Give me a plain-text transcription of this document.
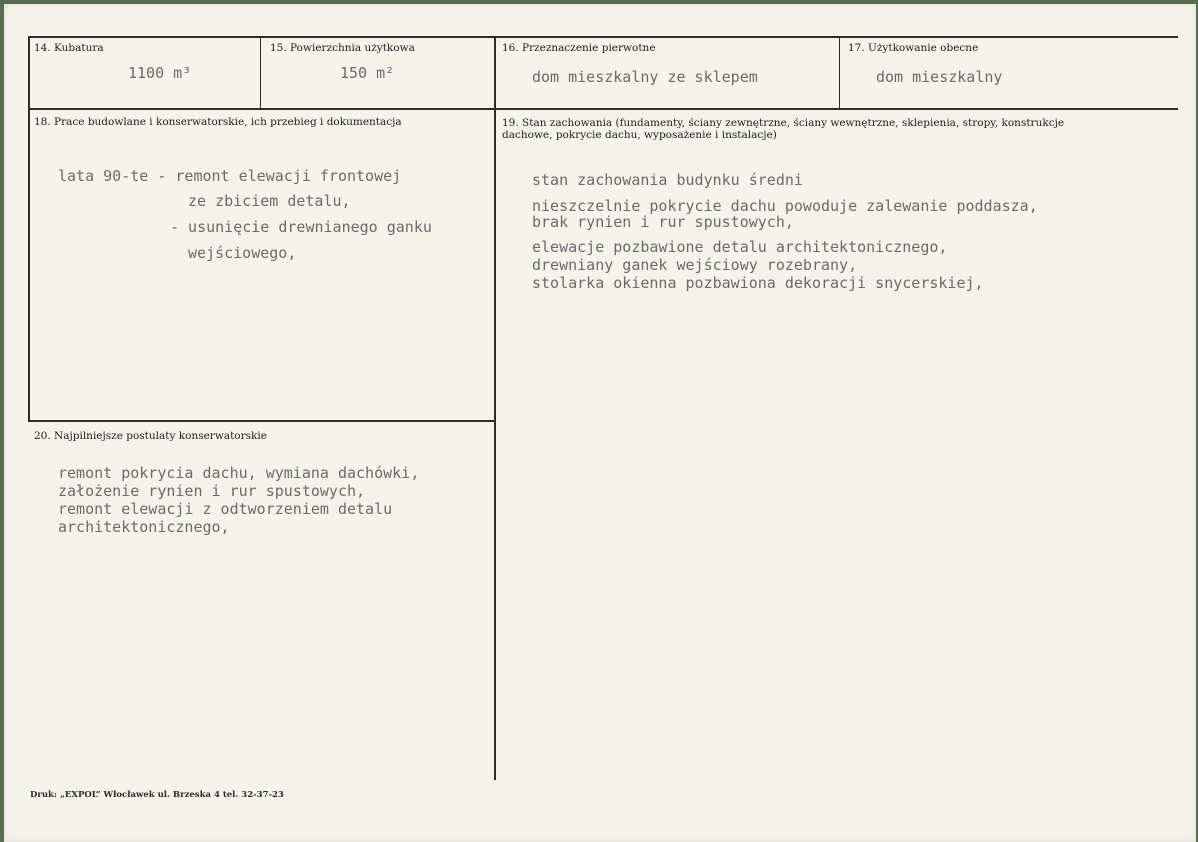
14. Kubatura
1100 m³
15. Powierzchnia użytkowa
150 m²
16. Przeznaczenie pierwotne
dom mieszkalny ze sklepem
17. Użytkowanie obecne
dom mieszkalny
18. Prace budowlane i konserwatorskie, ich przebieg i dokumentacja
lata 90-te - remont elewacji frontowej
ze zbiciem detalu,
- usunięcie drewnianego ganku
wejściowego,
19. Stan zachowania (fundamenty, ściany zewnętrzne, ściany wewnętrzne, sklepienia, stropy, konstrukcje dachowe, pokrycie dachu, wyposażenie i instalacje)
stan zachowania budynku średni
nieszczelnie pokrycie dachu powoduje zalewanie poddasza,
brak rynien i rur spustowych,
elewacje pozbawione detalu architektonicznego,
drewniany ganek wejściowy rozebrany,
stolarka okienna pozbawiona dekoracji snycerskiej,
20. Najpilniejsze postulaty konserwatorskie
remont pokrycia dachu, wymiana dachówki,
założenie rynien i rur spustowych,
remont elewacji z odtworzeniem detalu
architektonicznego,
Druk: „EXPOL” Włocławek ul. Brzeska 4 tel. 32-37-23
